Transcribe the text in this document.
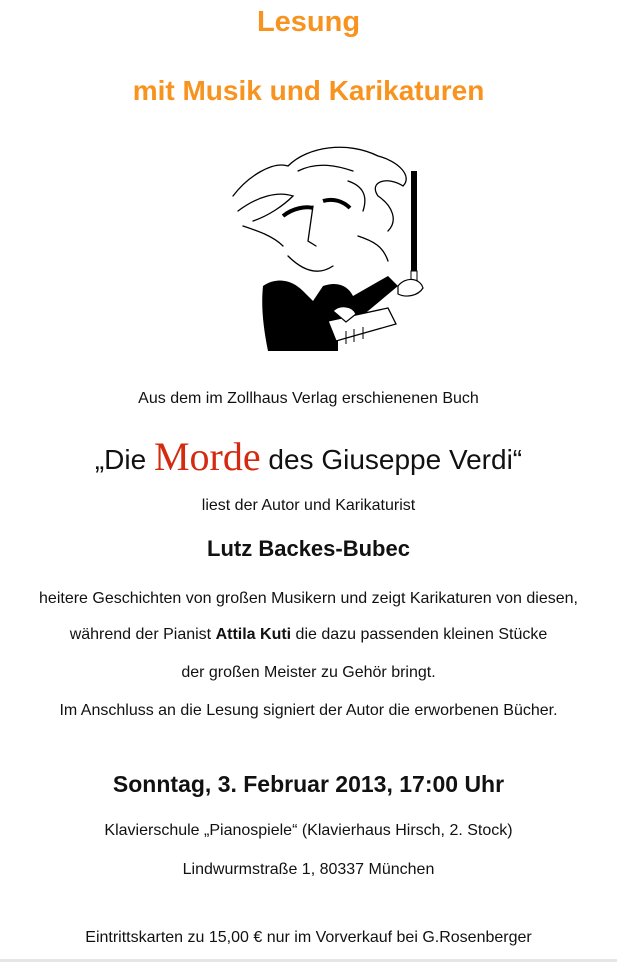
Lesung
mit Musik und Karikaturen
Aus dem im Zollhaus Verlag erschienenen Buch
„Die Morde des Giuseppe Verdi“
liest der Autor und Karikaturist
Lutz Backes-Bubec
heitere Geschichten von großen Musikern und zeigt Karikaturen von diesen,
während der Pianist Attila Kuti die dazu passenden kleinen Stücke
der großen Meister zu Gehör bringt.
Im Anschluss an die Lesung signiert der Autor die erworbenen Bücher.
Sonntag, 3. Februar 2013, 17:00 Uhr
Klavierschule „Pianospiele“ (Klavierhaus Hirsch, 2. Stock)
Lindwurmstraße 1, 80337 München
Eintrittskarten zu 15,00 € nur im Vorverkauf bei G.Rosenberger
